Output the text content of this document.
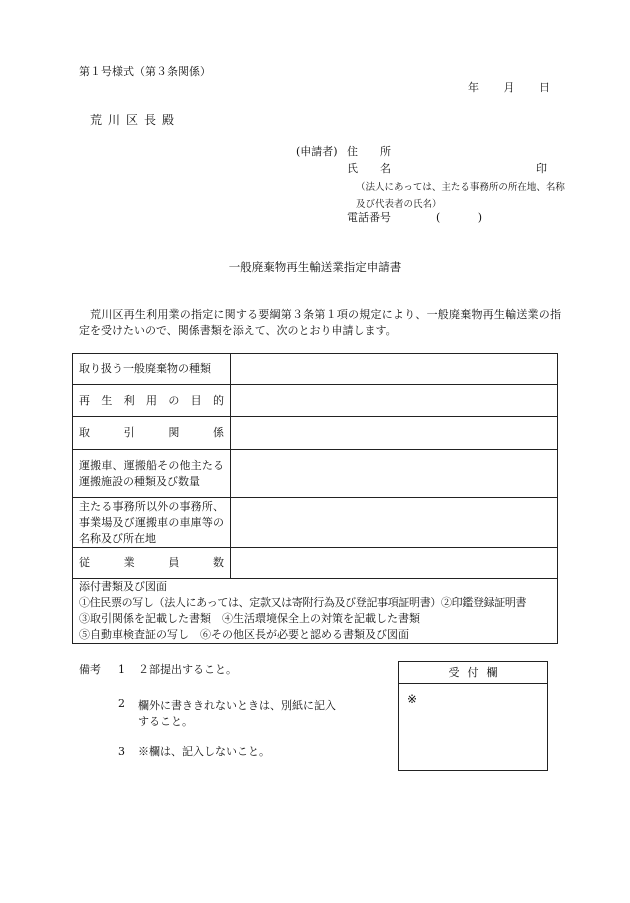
第１号様式（第３条関係）
年 月 日
荒川区長殿
(申請者) 住 所
氏 名	印
（法人にあっては、主たる事務所の所在地、名称及び代表者の氏名）
電話番号	(	)
一般廃棄物再生輸送業指定申請書
荒川区再生利用業の指定に関する要綱第３条第１項の規定により、一般廃棄物再生輸送業の指定を受けたいので、関係書類を添えて、次のとおり申請します。
取り扱う一般廃棄物の種類	
再生利用の目的	
取引関係	
運搬車、運搬船その他主たる運搬施設の種類及び数量	
主たる事務所以外の事務所、事業場及び運搬車の車庫等の名称及び所在地	
従業員数	

添付書類及び図面
①住民票の写し（法人にあっては、定款又は寄附行為及び登記事項証明書）②印鑑登録証明書
③取引関係を記載した書類　④生活環境保全上の対策を記載した書類
⑤自動車検査証の写し　⑥その他区長が必要と認める書類及び図面	
備考 1 ２部提出すること。
2 欄外に書ききれないときは、別紙に記入すること。
3 ※欄は、記入しないこと。
受付欄
※
